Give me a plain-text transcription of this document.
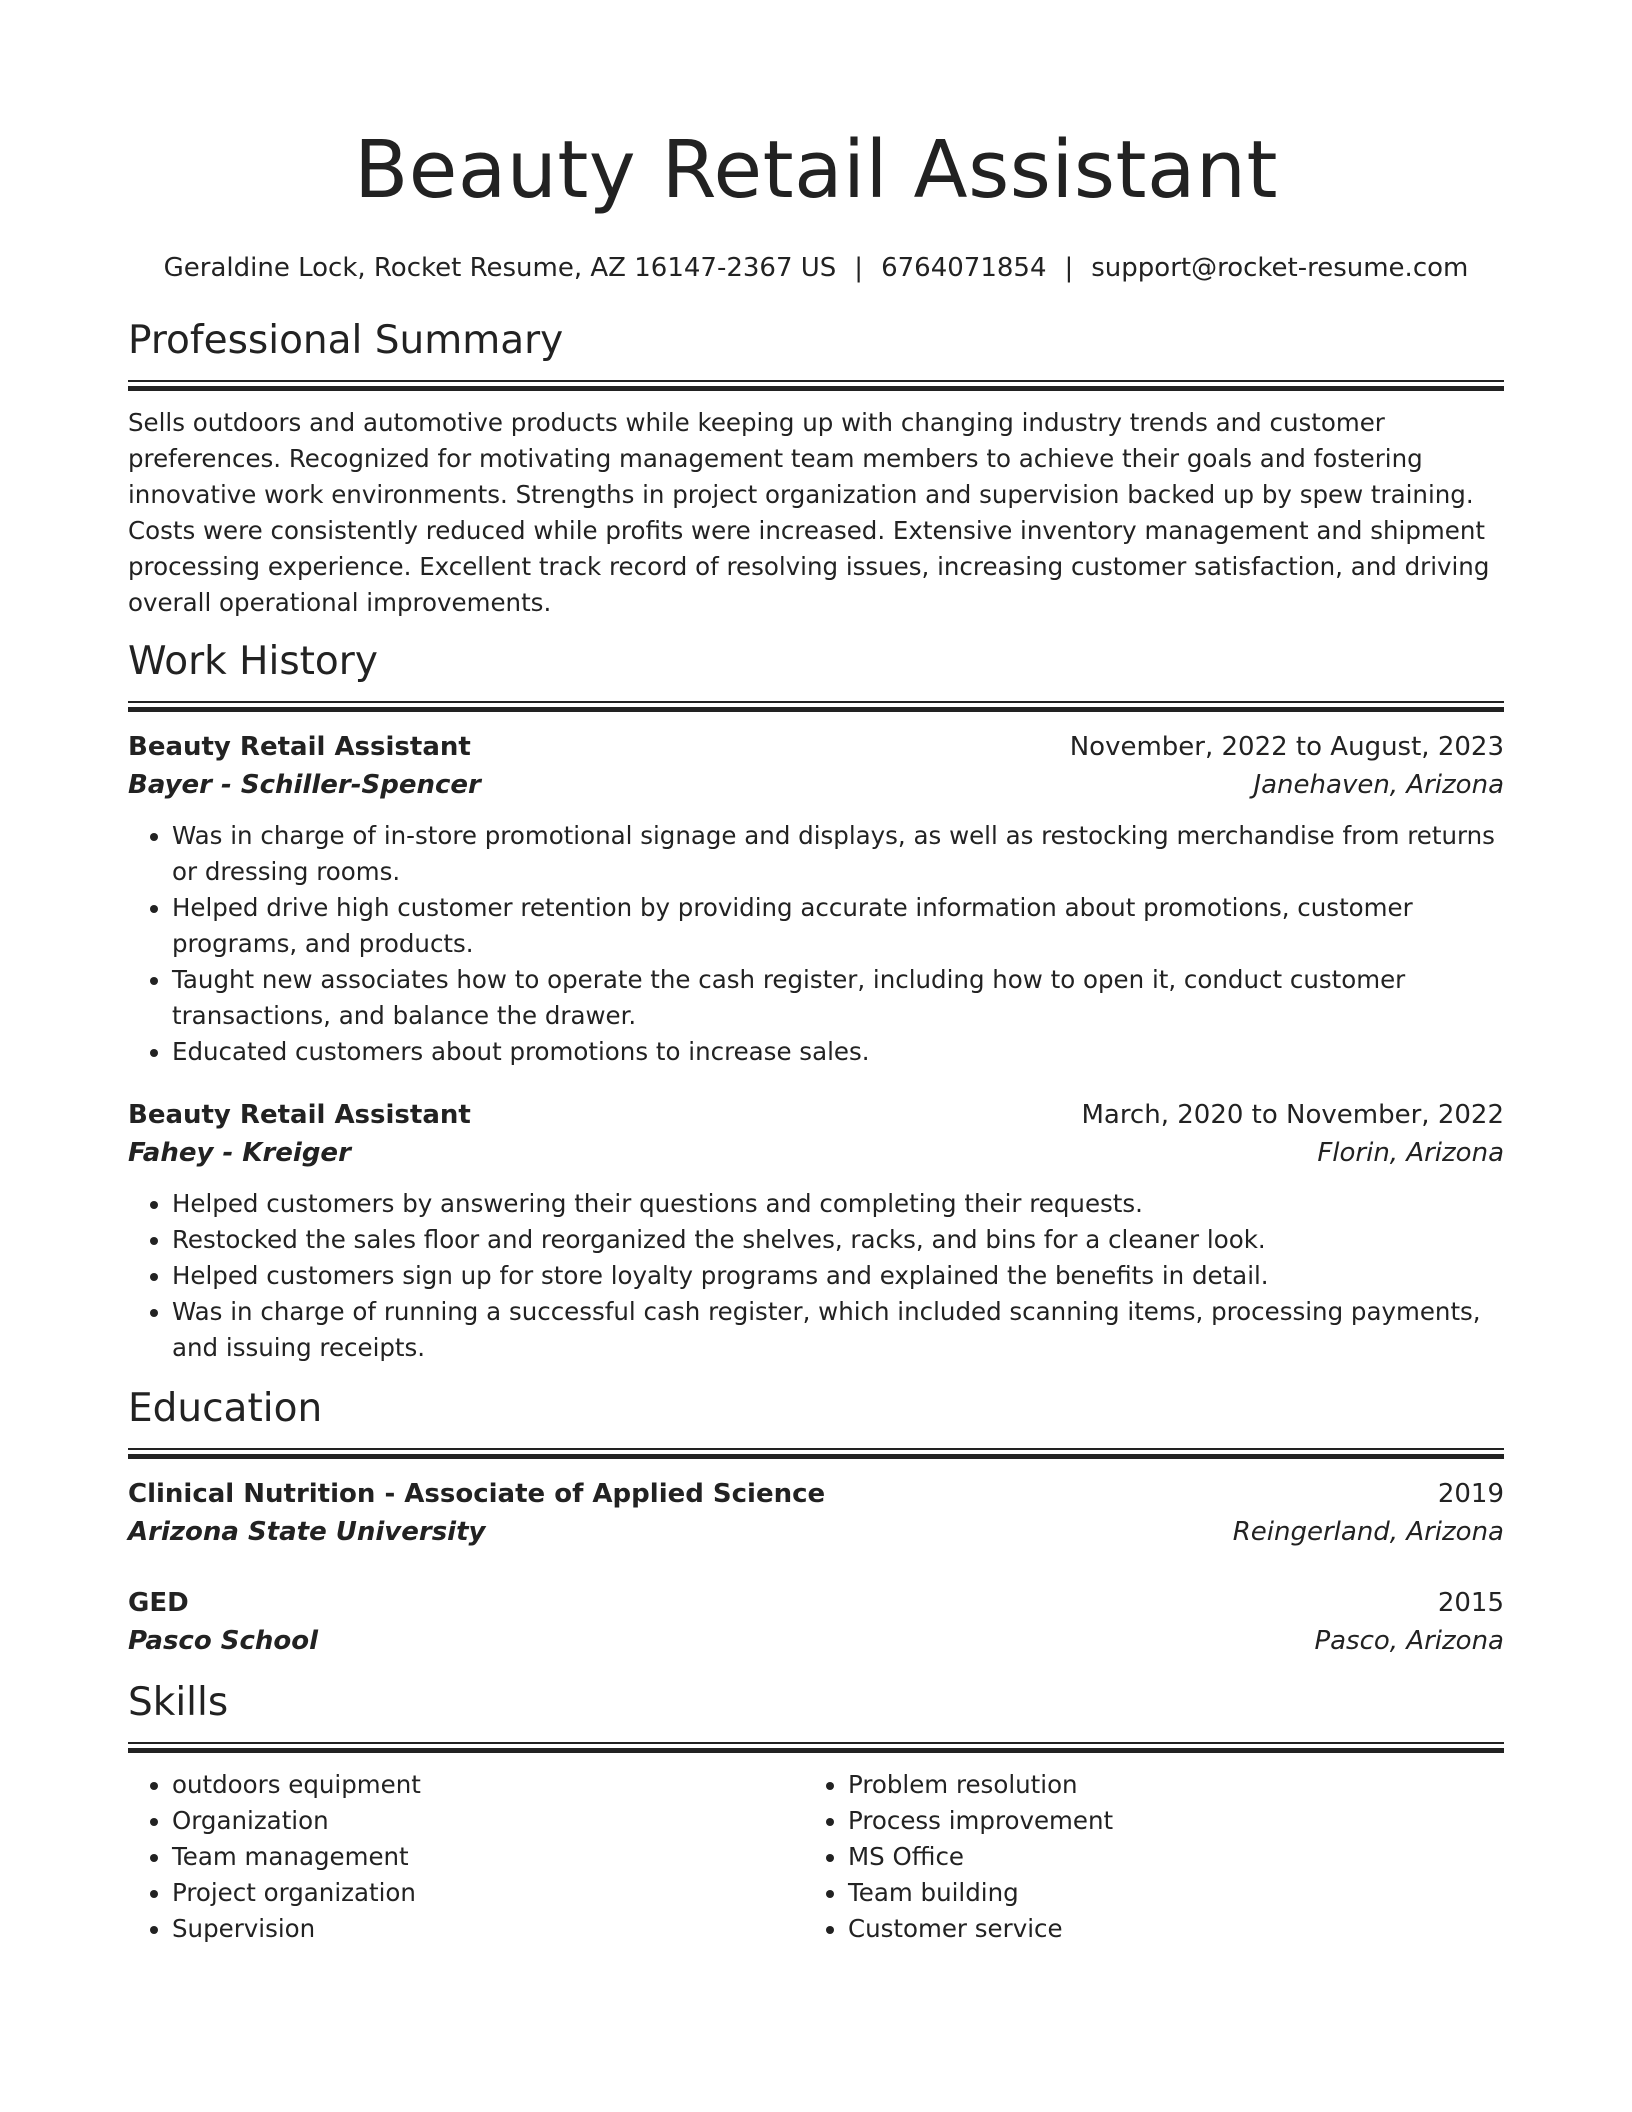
Beauty Retail Assistant
Geraldine Lock, Rocket Resume, AZ 16147-2367 US | 6764071854 | support@rocket-resume.com
Professional Summary
Sells outdoors and automotive products while keeping up with changing industry trends and customer preferences. Recognized for motivating management team members to achieve their goals and fostering innovative work environments. Strengths in project organization and supervision backed up by spew training. Costs were consistently reduced while profits were increased. Extensive inventory management and shipment processing experience. Excellent track record of resolving issues, increasing customer satisfaction, and driving overall operational improvements.
Work History
Beauty Retail Assistant	November, 2022 to August, 2023
Bayer - Schiller-Spencer	Janehaven, Arizona
• Was in charge of in-store promotional signage and displays, as well as restocking merchandise from returns or dressing rooms.
• Helped drive high customer retention by providing accurate information about promotions, customer programs, and products.
• Taught new associates how to operate the cash register, including how to open it, conduct customer transactions, and balance the drawer.
• Educated customers about promotions to increase sales.
Beauty Retail Assistant	March, 2020 to November, 2022
Fahey - Kreiger	Florin, Arizona
• Helped customers by answering their questions and completing their requests.
• Restocked the sales floor and reorganized the shelves, racks, and bins for a cleaner look.
• Helped customers sign up for store loyalty programs and explained the benefits in detail.
• Was in charge of running a successful cash register, which included scanning items, processing payments, and issuing receipts.
Education
Clinical Nutrition - Associate of Applied Science	2019
Arizona State University	Reingerland, Arizona
GED	2015
Pasco School	Pasco, Arizona
Skills
• outdoors equipment
• Organization
• Team management
• Project organization
• Supervision
• Problem resolution
• Process improvement
• MS Office
• Team building
• Customer service
